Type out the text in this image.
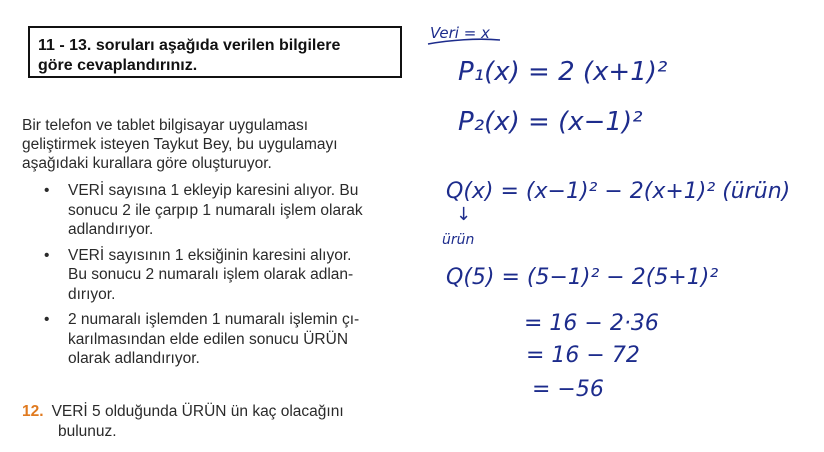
11 - 13. soruları aşağıda verilen bilgilere
göre cevaplandırınız.
Bir telefon ve tablet bilgisayar uygulaması
geliştirmek isteyen Taykut Bey, bu uygulamayı
aşağıdaki kurallara göre oluşturuyor.
• VERİ sayısına 1 ekleyip karesini alıyor. Bu
sonucu 2 ile çarpıp 1 numaralı işlem olarak
adlandırıyor.
• VERİ sayısının 1 eksiğinin karesini alıyor.
Bu sonucu 2 numaralı işlem olarak adlan-
dırıyor.
• 2 numaralı işlemden 1 numaralı işlemin çı-
karılmasından elde edilen sonucu ÜRÜN
olarak adlandırıyor.
12. VERİ 5 olduğunda ÜRÜN ün kaç olacağını
bulunuz.
Veri = x
P₁(x) = 2 (x+1)²
P₂(x) = (x−1)²
Q(x) = (x−1)² − 2(x+1)² (ürün)
↓
ürün
Q(5) = (5−1)² − 2(5+1)²
= 16 − 2·36
= 16 − 72
= −56
